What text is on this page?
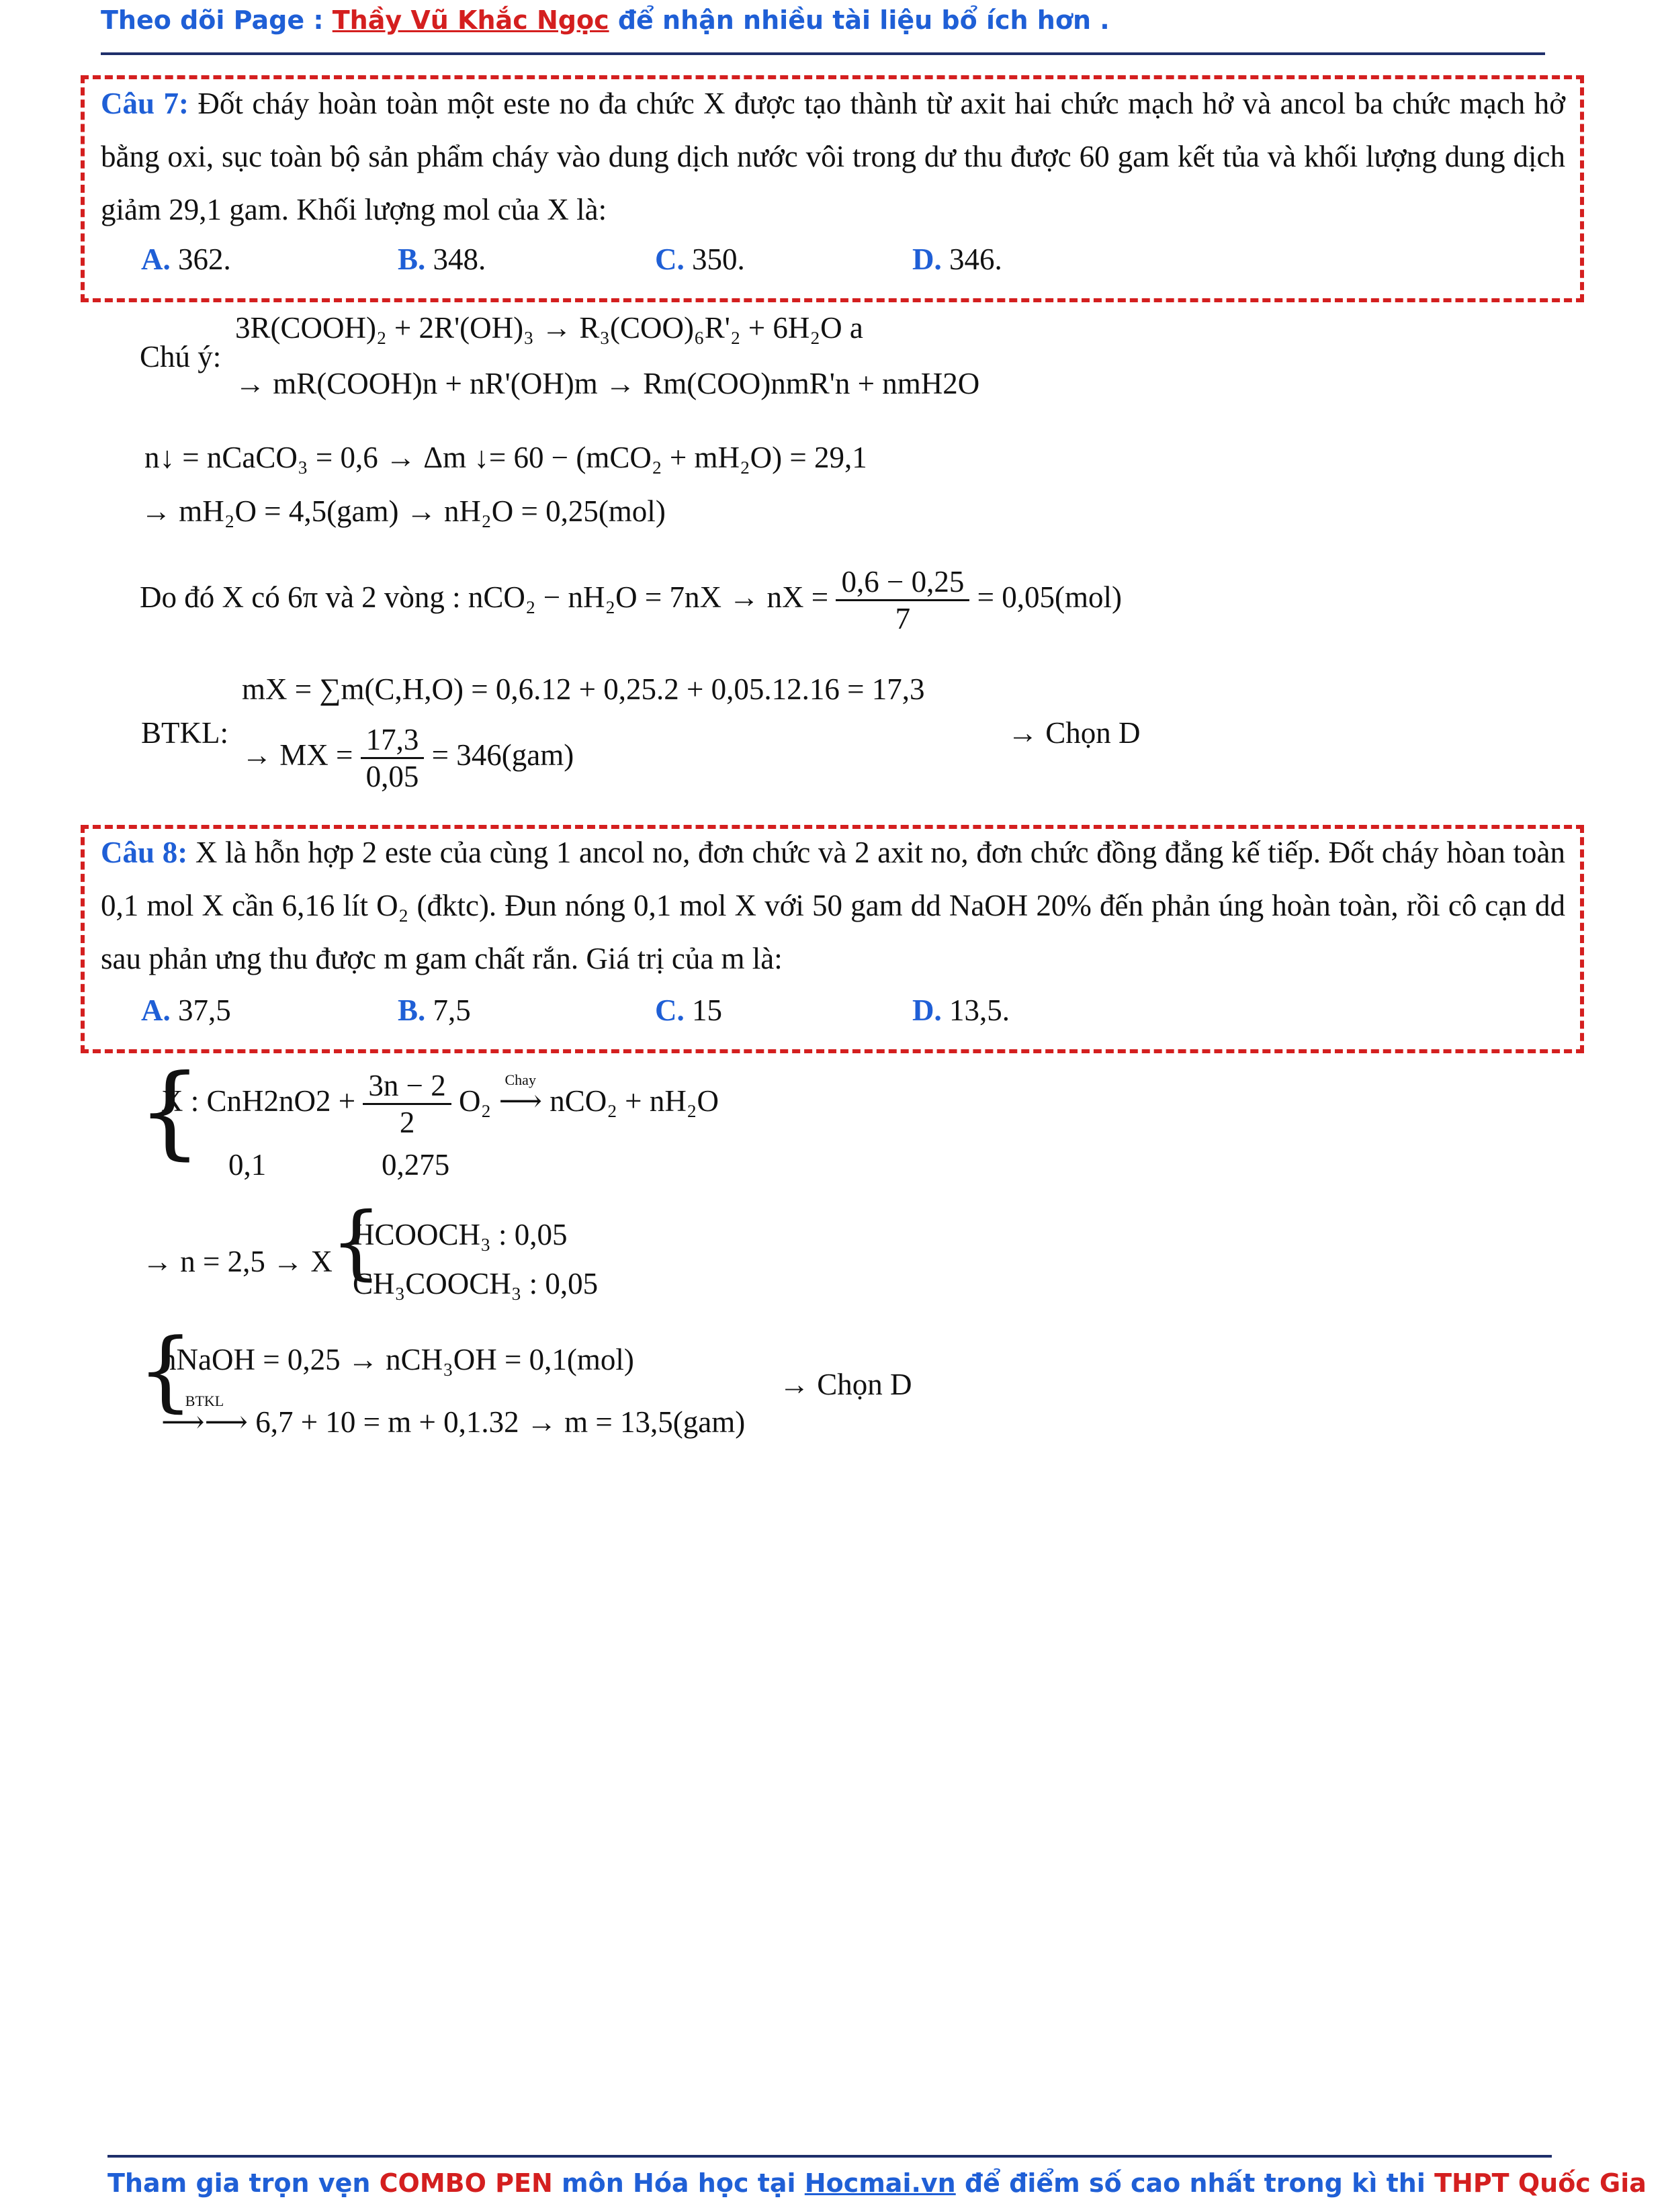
Theo dõi Page : Thầy Vũ Khắc Ngọc để nhận nhiều tài liệu bổ ích hơn .
Câu 7: Đốt cháy hoàn toàn một este no đa chức X được tạo thành từ axit hai chức mạch hở và ancol ba chức mạch hở bằng oxi, sục toàn bộ sản phẩm cháy vào dung dịch nước vôi trong dư thu được 60 gam kết tủa và khối lượng dung dịch giảm 29,1 gam. Khối lượng mol của X là:
A. 362.	B. 348.	C. 350.	D. 346.
Chú ý:
3R(COOH)₂ + 2R'(OH)₃ → R₃(COO)₆R'₂ + 6H₂O a
→ mR(COOH)n + nR'(OH)m → Rm(COO)nmR'n + nmH2O
n↓ = nCaCO₃ = 0,6 → Δm ↓= 60 − (mCO₂ + mH₂O) = 29,1
→ mH₂O = 4,5(gam) → nH₂O = 0,25(mol)
Do đó X có 6π và 2 vòng : nCO₂ − nH₂O = 7nX → nX = $\frac{0,6 - 0,25}{7} = 0,05(mol)$
mX = ∑m(C,H,O) = 0,6.12 + 0,25.2 + 0,05.12.16 = 17,3
BTKL:
→ MX = $\frac{17,3}{0,05} = 346(gam)$
→ Chọn D
Câu 8: X là hỗn hợp 2 este của cùng 1 ancol no, đơn chức và 2 axit no, đơn chức đồng đẳng kế tiếp. Đốt cháy hòan toàn 0,1 mol X cần 6,16 lít O₂ (đktc). Đun nóng 0,1 mol X với 50 gam dd NaOH 20% đến phản úng hoàn toàn, rồi cô cạn dd sau phản ưng thu được m gam chất rắn. Giá trị của m là:
A. 37,5	B. 7,5	C. 15	D. 13,5.
{
X : $CnH2nO2 + \frac{3n - 2}{2} O_2$
Chay
⟶ nCO₂ + nH₂O
0,1	0,275
→ n = 2,5 → X
{
HCOOCH₃ : 0,05
CH₃COOCH₃ : 0,05
{
nNaOH = 0,25 → nCH₃OH = 0,1(mol)
BTKL
⟶⟶ 6,7 + 10 = m + 0,1.32 → m = 13,5(gam)
→ Chọn D
Tham gia trọn vẹn COMBO PEN môn Hóa học tại Hocmai.vn để điểm số cao nhất trong kì thi THPT Quốc Gia
